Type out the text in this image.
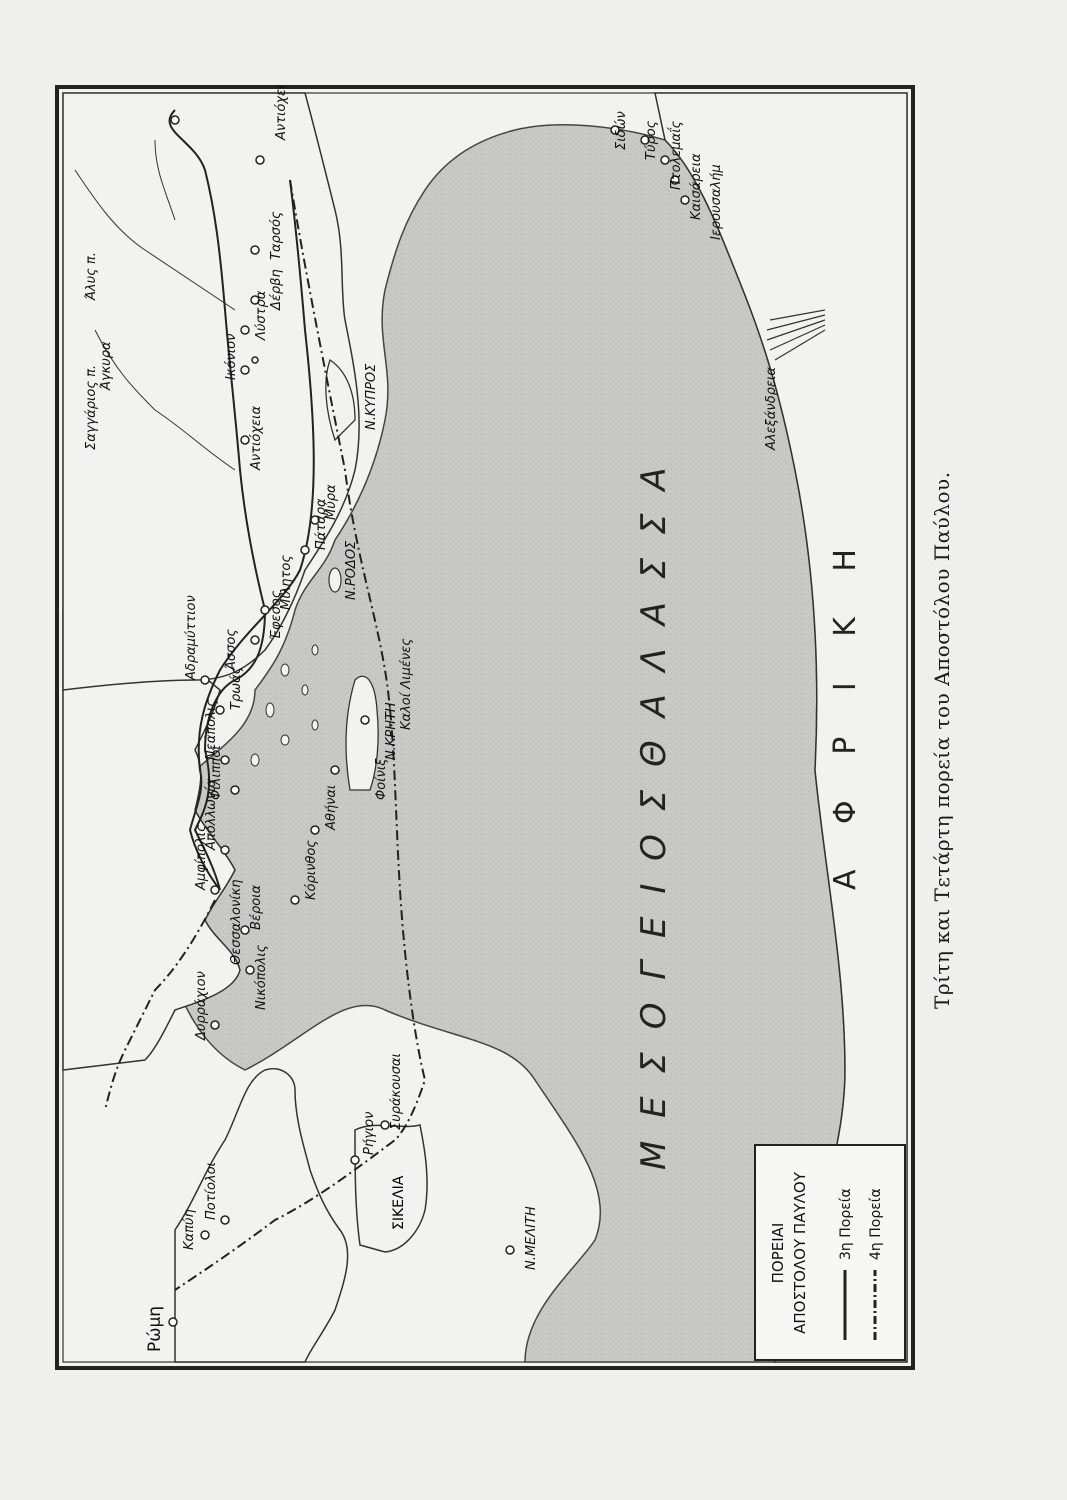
ΣΙΚΕΛΙΑ
Μ Ε Σ Ο Γ Ε Ι Ο Σ Θ Α Λ Α Σ Σ Α	Α Φ Ρ Ι Κ Η
Ρώμη
Καπύη
Ποτίολοι
Ρήγιον
Συράκουσαι
Ν.ΜΕΛΙΤΗ
Δυρράχιον	Νικόπολις
Θεσσαλονίκη Βέροια
Αμφίπολις
Απολλωνία
Φίλιπποι
Νεάπολις
Κόρινθος
Αθήναι
Τρωάς
Αδραμύττιον Άσσος
Έφεσος
Μίλητος
Πάταρα
Μύρα
Ν.ΡΟΔΟΣ
Ν.ΚΡΗΤΗ
Φοίνιξ
Καλοί Λιμένες
Αντιόχεια
Ικόνιον
Λύστρα
Δέρβη
Ταρσός
Αντιόχεια
Ν.ΚΥΠΡΟΣ
Σιδών Τύρος Πτολεμαΐς Καισάρεια Ιερουσαλήμ
Αλεξάνδρεια
Άγκυρα
Σαγγάριος π.
Άλυς π.
ΠΟΡΕΙΑΙ ΑΠΟΣΤΟΛΟΥ ΠΑΥΛΟΥ 3η Πορεία 4η Πορεία
Τρίτη και Τετάρτη πορεία του Αποστόλου Παύλου.
